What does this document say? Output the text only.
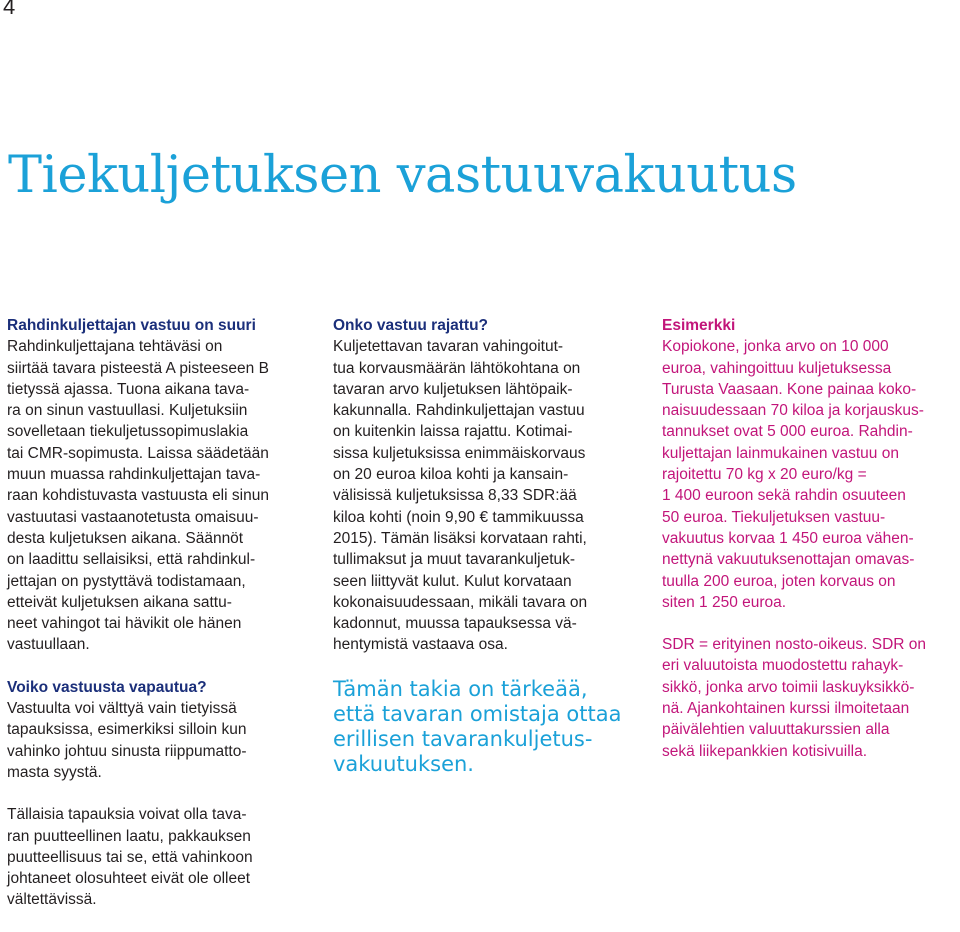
4
Tiekuljetuksen vastuuvakuutus
Rahdinkuljettajan vastuu on suuri
Rahdinkuljettajana tehtäväsi on
siirtää tavara pisteestä A pisteeseen B
tietyssä ajassa. Tuona aikana tava-
ra on sinun vastuullasi. Kuljetuksiin
sovelletaan tiekuljetussopimuslakia
tai CMR-sopimusta. Laissa säädetään
muun muassa rahdinkuljettajan tava-
raan kohdistuvasta vastuusta eli sinun
vastuutasi vastaanotetusta omaisuu-
desta kuljetuksen aikana. Säännöt
on laadittu sellaisiksi, että rahdinkul-
jettajan on pystyttävä todistamaan,
etteivät kuljetuksen aikana sattu-
neet vahingot tai hävikit ole hänen
vastuullaan.
Voiko vastuusta vapautua?
Vastuulta voi välttyä vain tietyissä
tapauksissa, esimerkiksi silloin kun
vahinko johtuu sinusta riippumatto-
masta syystä.
Tällaisia tapauksia voivat olla tava-
ran puutteellinen laatu, pakkauksen
puutteellisuus tai se, että vahinkoon
johtaneet olosuhteet eivät ole olleet
vältettävissä.
Onko vastuu rajattu?
Kuljetettavan tavaran vahingoitut-
tua korvausmäärän lähtökohtana on
tavaran arvo kuljetuksen lähtöpaik-
kakunnalla. Rahdinkuljettajan vastuu
on kuitenkin laissa rajattu. Kotimai-
sissa kuljetuksissa enimmäiskorvaus
on 20 euroa kiloa kohti ja kansain-
välisissä kuljetuksissa 8,33 SDR:ää
kiloa kohti (noin 9,90 € tammikuussa
2015). Tämän lisäksi korvataan rahti,
tullimaksut ja muut tavarankuljetuk-
seen liittyvät kulut. Kulut korvataan
kokonaisuudessaan, mikäli tavara on
kadonnut, muussa tapauksessa vä-
hentymistä vastaava osa.
Tämän takia on tärkeää,
että tavaran omistaja ottaa
erillisen tavarankuljetus-
vakuutuksen.
Esimerkki
Kopiokone, jonka arvo on 10 000
euroa, vahingoittuu kuljetuksessa
Turusta Vaasaan. Kone painaa koko-
naisuudessaan 70 kiloa ja korjauskus-
tannukset ovat 5 000 euroa. Rahdin-
kuljettajan lainmukainen vastuu on
rajoitettu 70 kg x 20 euro/kg =
1 400 euroon sekä rahdin osuuteen
50 euroa. Tiekuljetuksen vastuu-
vakuutus korvaa 1 450 euroa vähen-
nettynä vakuutuksenottajan omavas-
tuulla 200 euroa, joten korvaus on
siten 1 250 euroa.
SDR = erityinen nosto-oikeus. SDR on
eri valuutoista muodostettu rahayk-
sikkö, jonka arvo toimii laskuyksikkö-
nä. Ajankohtainen kurssi ilmoitetaan
päivälehtien valuuttakurssien alla
sekä liikepankkien kotisivuilla.
